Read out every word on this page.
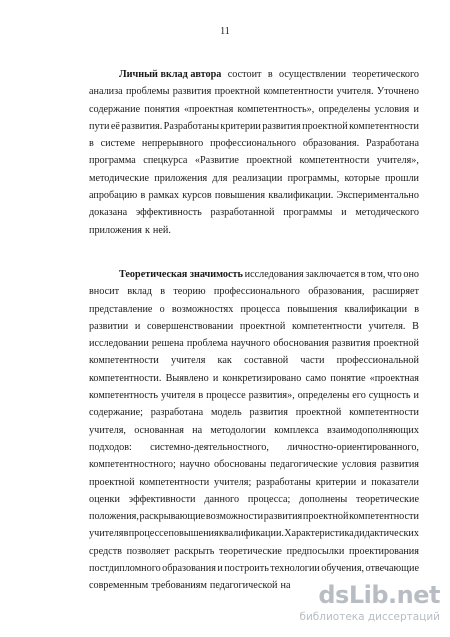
11
Личный вклад автора состоит в осуществлении теоретического
анализа проблемы развития проектной компетентности учителя. Уточнено
содержание понятия «проектная компетентность», определены условия и
пути её развития. Разработаны критерии развития проектной компетентности
в системе непрерывного профессионального образования. Разработана
программа спецкурса «Развитие проектной компетентности учителя»,
методические приложения для реализации программы, которые прошли
апробацию в рамках курсов повышения квалификации. Экспериментально
доказана эффективность разработанной программы и методического
приложения к ней.
Теоретическая значимость исследования заключается в том, что оно
вносит вклад в теорию профессионального образования, расширяет
представление о возможностях процесса повышения квалификации в
развитии и совершенствовании проектной компетентности учителя. В
исследовании решена проблема научного обоснования развития проектной
компетентности учителя как составной части профессиональной
компетентности. Выявлено и конкретизировано само понятие «проектная
компетентность учителя в процессе развития», определены его сущность и
содержание; разработана модель развития проектной компетентности
учителя, основанная на методологии комплекса взаимодополняющих
подходов: системно-деятельностного, личностно-ориентированного,
компетентностного; научно обоснованы педагогические условия развития
проектной компетентности учителя; разработаны критерии и показатели
оценки эффективности данного процесса; дополнены теоретические
положения, раскрывающие возможности развития проектной компетентности
учителя в процессе повышения квалификации. Характеристика дидактических
средств позволяет раскрыть теоретические предпосылки проектирования
постдипломного образования и построить технологии обучения, отвечающие
современным требованиям педагогической на dsLib.net
библиотека диссертаций
